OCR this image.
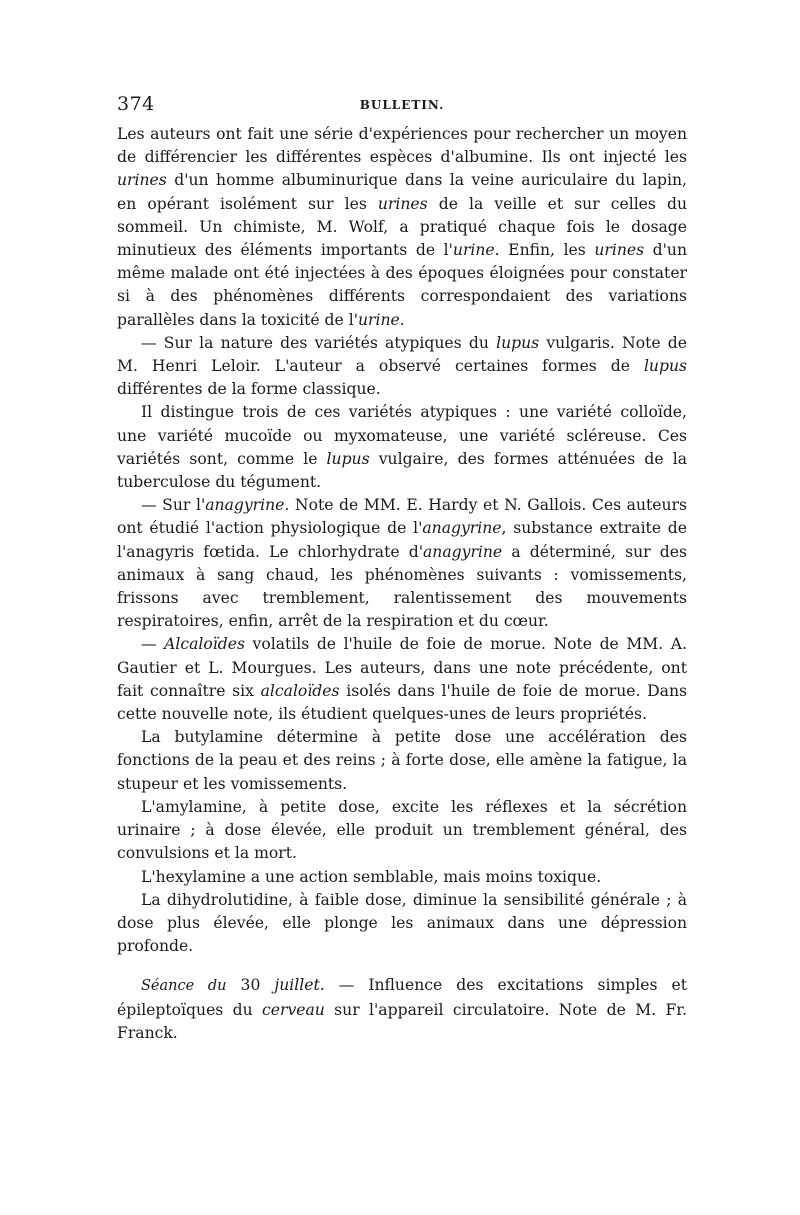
374	BULLETIN.

Les auteurs ont fait une série d'expériences pour rechercher un moyen de différencier les différentes espèces d'albumine. Ils ont injecté les urines d'un homme albuminurique dans la veine auriculaire du lapin, en opérant isolément sur les urines de la veille et sur celles du sommeil. Un chimiste, M. Wolf, a pratiqué chaque fois le dosage minutieux des éléments importants de l'urine. Enfin, les urines d'un même malade ont été injectées à des époques éloignées pour constater si à des phénomènes différents correspondaient des variations parallèles dans la toxicité de l'urine.

— Sur la nature des variétés atypiques du lupus vulgaris. Note de M. Henri Leloir. L'auteur a observé certaines formes de lupus différentes de la forme classique.

Il distingue trois de ces variétés atypiques : une variété colloïde, une variété mucoïde ou myxomateuse, une variété scléreuse. Ces variétés sont, comme le lupus vulgaire, des formes atténuées de la tuberculose du tégument.

— Sur l'anagyrine. Note de MM. E. Hardy et N. Gallois. Ces auteurs ont étudié l'action physiologique de l'anagyrine, substance extraite de l'anagyris fœtida. Le chlorhydrate d'anagyrine a déterminé, sur des animaux à sang chaud, les phénomènes suivants : vomissements, frissons avec tremblement, ralentissement des mouvements respiratoires, enfin, arrêt de la respiration et du cœur.

— Alcaloïdes volatils de l'huile de foie de morue. Note de MM. A. Gautier et L. Mourgues. Les auteurs, dans une note précédente, ont fait connaître six alcaloïdes isolés dans l'huile de foie de morue. Dans cette nouvelle note, ils étudient quelques-unes de leurs propriétés.

La butylamine détermine à petite dose une accélération des fonctions de la peau et des reins ; à forte dose, elle amène la fatigue, la stupeur et les vomissements.

L'amylamine, à petite dose, excite les réflexes et la sécrétion urinaire ; à dose élevée, elle produit un tremblement général, des convulsions et la mort.

L'hexylamine a une action semblable, mais moins toxique.

La dihydrolutidine, à faible dose, diminue la sensibilité générale ; à dose plus élevée, elle plonge les animaux dans une dépression profonde.

Séance du 30 juillet. — Influence des excitations simples et épileptoïques du cerveau sur l'appareil circulatoire. Note de M. Fr. Franck.
